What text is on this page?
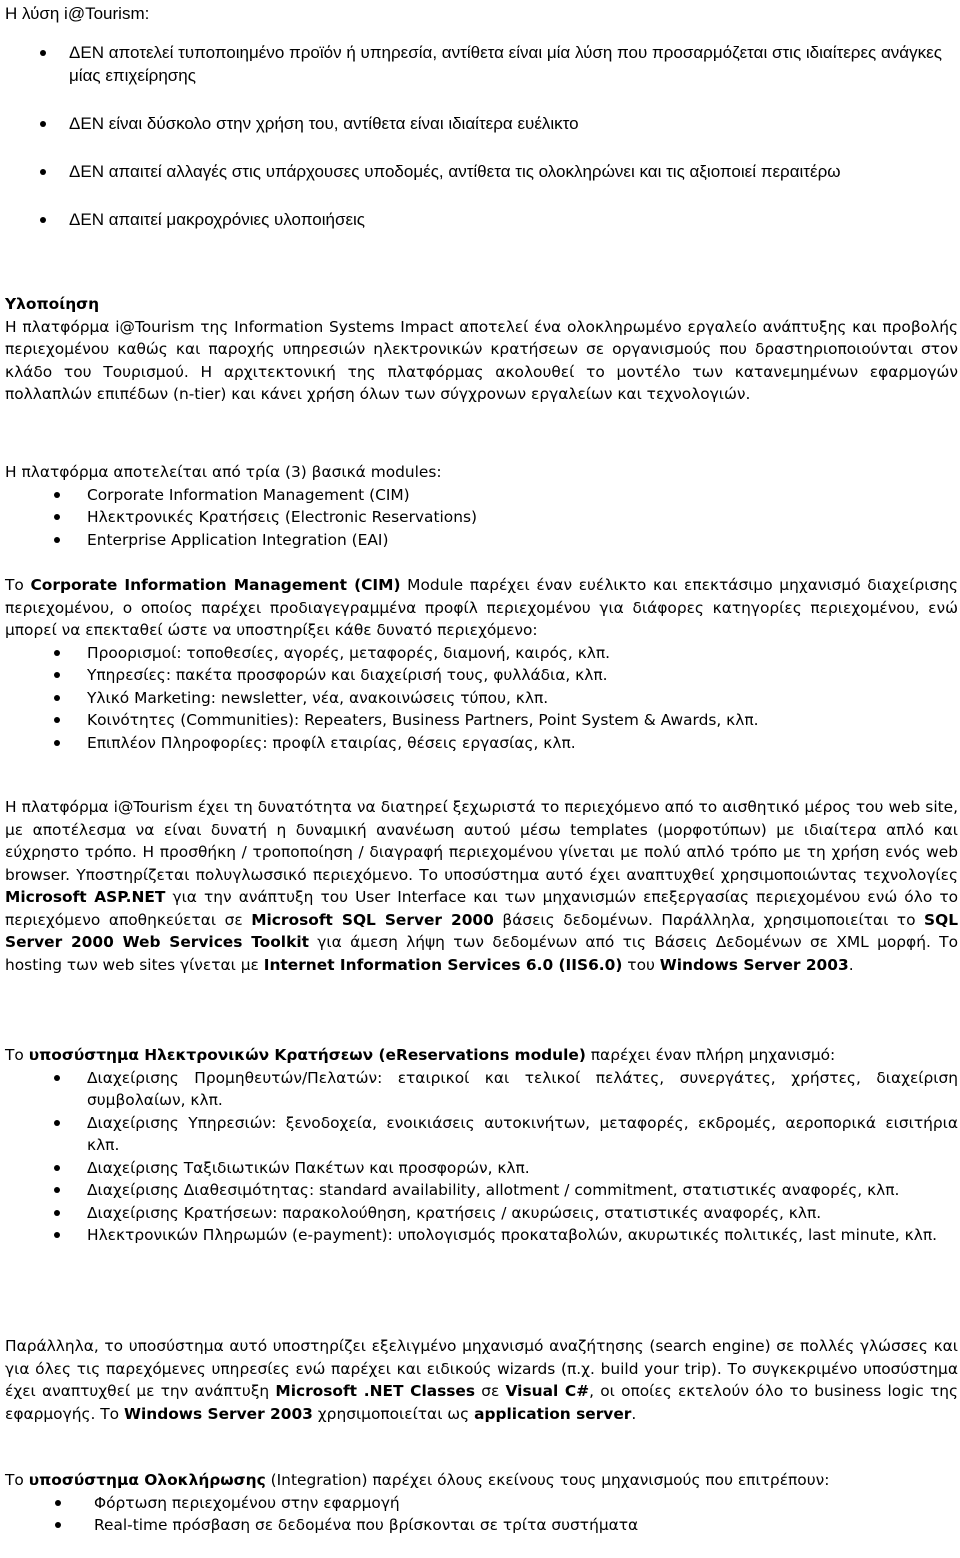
Η λύση i@Tourism:
ΔΕΝ αποτελεί τυποποιημένο προϊόν ή υπηρεσία, αντίθετα είναι μία λύση που προσαρμόζεται στις ιδιαίτερες ανάγκες μίας επιχείρησης
ΔΕΝ είναι δύσκολο στην χρήση του, αντίθετα είναι ιδιαίτερα ευέλικτο
ΔΕΝ απαιτεί αλλαγές στις υπάρχουσες υποδομές, αντίθετα τις ολοκληρώνει και τις αξιοποιεί περαιτέρω
ΔΕΝ απαιτεί μακροχρόνιες υλοποιήσεις

Υλοποίηση

Η πλατφόρμα i@Tourism της Information Systems Impact αποτελεί ένα ολοκληρωμένο εργαλείο ανάπτυξης και προβολής περιεχομένου καθώς και παροχής υπηρεσιών ηλεκτρονικών κρατήσεων σε οργανισμούς που δραστηριοποιούνται στον κλάδο του Τουρισμού. Η αρχιτεκτονική της πλατφόρμας ακολουθεί το μοντέλο των κατανεμημένων εφαρμογών πολλαπλών επιπέδων (n-tier) και κάνει χρήση όλων των σύγχρονων εργαλείων και τεχνολογιών.

Η πλατφόρμα αποτελείται από τρία (3) βασικά modules:

Corporate Information Management (CIM)
Ηλεκτρονικές Κρατήσεις (Electronic Reservations)
Enterprise Application Integration (EAI)

Το Corporate Information Management (CIM) Module παρέχει έναν ευέλικτο και επεκτάσιμο μηχανισμό διαχείρισης περιεχομένου, ο οποίος παρέχει προδιαγεγραμμένα προφίλ περιεχομένου για διάφορες κατηγορίες περιεχομένου, ενώ μπορεί να επεκταθεί ώστε να υποστηρίξει κάθε δυνατό περιεχόμενο:

Προορισμοί: τοποθεσίες, αγορές, μεταφορές, διαμονή, καιρός, κλπ.
Υπηρεσίες: πακέτα προσφορών και διαχείρισή τους, φυλλάδια, κλπ.
Υλικό Marketing: newsletter, νέα, ανακοινώσεις τύπου, κλπ.
Κοινότητες (Communities): Repeaters, Business Partners, Point System & Awards, κλπ.
Επιπλέον Πληροφορίες: προφίλ εταιρίας, θέσεις εργασίας, κλπ.

Η πλατφόρμα i@Tourism έχει τη δυνατότητα να διατηρεί ξεχωριστά το περιεχόμενο από το αισθητικό μέρος του web site, με αποτέλεσμα να είναι δυνατή η δυναμική ανανέωση αυτού μέσω templates (μορφοτύπων) με ιδιαίτερα απλό και εύχρηστο τρόπο. Η προσθήκη / τροποποίηση / διαγραφή περιεχομένου γίνεται με πολύ απλό τρόπο με τη χρήση ενός web browser. Υποστηρίζεται πολυγλωσσικό περιεχόμενο. Το υποσύστημα αυτό έχει αναπτυχθεί χρησιμοποιώντας τεχνολογίες Microsoft ASP.NET για την ανάπτυξη του User Interface και των μηχανισμών επεξεργασίας περιεχομένου ενώ όλο το περιεχόμενο αποθηκεύεται σε Microsoft SQL Server 2000 βάσεις δεδομένων. Παράλληλα, χρησιμοποιείται το SQL Server 2000 Web Services Toolkit για άμεση λήψη των δεδομένων από τις Βάσεις Δεδομένων σε XML μορφή. Το hosting των web sites γίνεται με Internet Information Services 6.0 (IIS6.0) του Windows Server 2003.

Το υποσύστημα Ηλεκτρονικών Κρατήσεων (eReservations module) παρέχει έναν πλήρη μηχανισμό:

Διαχείρισης Προμηθευτών/Πελατών: εταιρικοί και τελικοί πελάτες, συνεργάτες, χρήστες, διαχείριση συμβολαίων, κλπ.
Διαχείρισης Υπηρεσιών: ξενοδοχεία, ενοικιάσεις αυτοκινήτων, μεταφορές, εκδρομές, αεροπορικά εισιτήρια κλπ.
Διαχείρισης Ταξιδιωτικών Πακέτων και προσφορών, κλπ.
Διαχείρισης Διαθεσιμότητας: standard availability, allotment / commitment, στατιστικές αναφορές, κλπ.
Διαχείρισης Κρατήσεων: παρακολούθηση, κρατήσεις / ακυρώσεις, στατιστικές αναφορές, κλπ.
Ηλεκτρονικών Πληρωμών (e-payment): υπολογισμός προκαταβολών, ακυρωτικές πολιτικές, last minute, κλπ.

Παράλληλα, το υποσύστημα αυτό υποστηρίζει εξελιγμένο μηχανισμό αναζήτησης (search engine) σε πολλές γλώσσες και για όλες τις παρεχόμενες υπηρεσίες ενώ παρέχει και ειδικούς wizards (π.χ. build your trip). Το συγκεκριμένο υποσύστημα έχει αναπτυχθεί με την ανάπτυξη Microsoft .NET Classes σε Visual C#, οι οποίες εκτελούν όλο το business logic της εφαρμογής. Το Windows Server 2003 χρησιμοποιείται ως application server.

Το υποσύστημα Ολοκλήρωσης (Integration) παρέχει όλους εκείνους τους μηχανισμούς που επιτρέπουν:

Φόρτωση περιεχομένου στην εφαρμογή
Real-time πρόσβαση σε δεδομένα που βρίσκονται σε τρίτα συστήματα
